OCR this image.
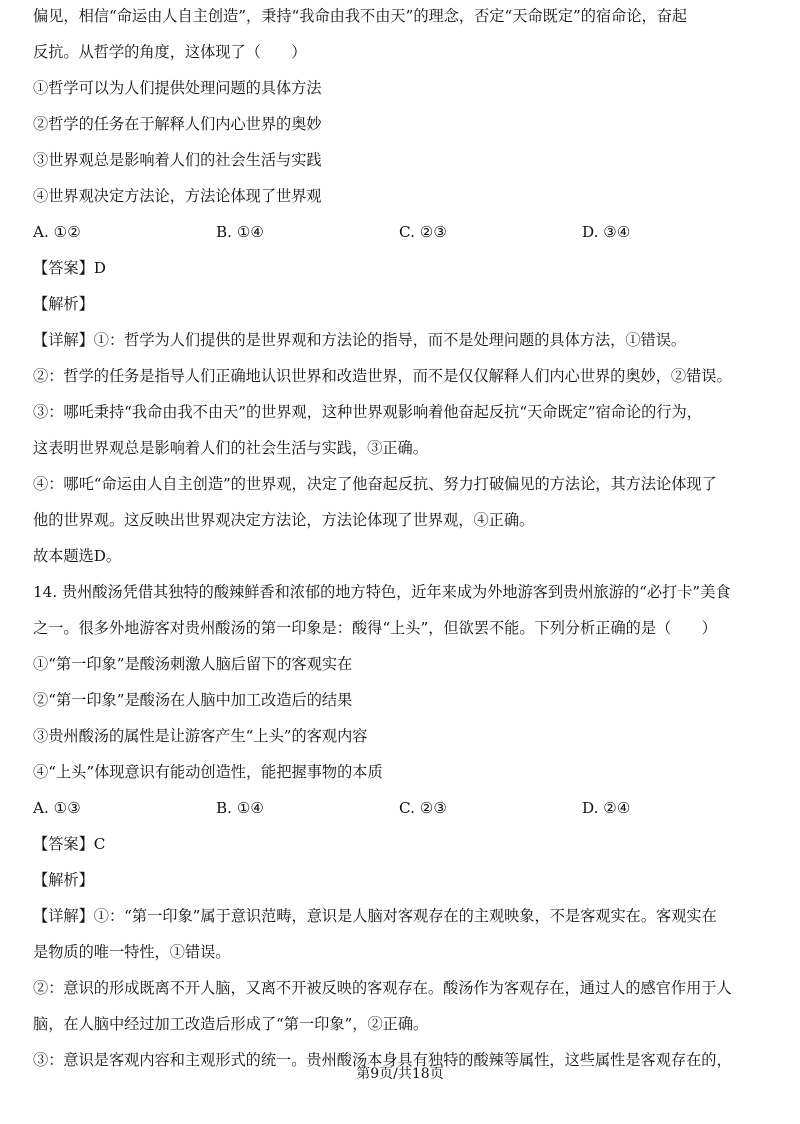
偏见，相信“命运由人自主创造”，秉持“我命由我不由天”的理念，否定“天命既定”的宿命论，奋起

反抗。从哲学的角度，这体现了（　　）

①哲学可以为人们提供处理问题的具体方法

②哲学的任务在于解释人们内心世界的奥妙

③世界观总是影响着人们的社会生活与实践

④世界观决定方法论，方法论体现了世界观

A. ①②	B. ①④	C. ②③	D. ③④

【答案】D

【解析】

【详解】①：哲学为人们提供的是世界观和方法论的指导，而不是处理问题的具体方法，①错误。

②：哲学的任务是指导人们正确地认识世界和改造世界，而不是仅仅解释人们内心世界的奥妙，②错误。

③：哪吒秉持“我命由我不由天”的世界观，这种世界观影响着他奋起反抗“天命既定”宿命论的行为，

这表明世界观总是影响着人们的社会生活与实践，③正确。

④：哪吒“命运由人自主创造”的世界观，决定了他奋起反抗、努力打破偏见的方法论，其方法论体现了

他的世界观。这反映出世界观决定方法论，方法论体现了世界观，④正确。

故本题选D。

14. 贵州酸汤凭借其独特的酸辣鲜香和浓郁的地方特色，近年来成为外地游客到贵州旅游的“必打卡”美食

之一。很多外地游客对贵州酸汤的第一印象是：酸得“上头”，但欲罢不能。下列分析正确的是（　　）

①“第一印象”是酸汤刺激人脑后留下的客观实在

②“第一印象”是酸汤在人脑中加工改造后的结果

③贵州酸汤的属性是让游客产生“上头”的客观内容

④“上头”体现意识有能动创造性，能把握事物的本质

A. ①③	B. ①④	C. ②③	D. ②④

【答案】C

【解析】

【详解】①：“第一印象”属于意识范畴，意识是人脑对客观存在的主观映象，不是客观实在。客观实在

是物质的唯一特性，①错误。

②：意识的形成既离不开人脑，又离不开被反映的客观存在。酸汤作为客观存在，通过人的感官作用于人

脑，在人脑中经过加工改造后形成了“第一印象”，②正确。

③：意识是客观内容和主观形式的统一。贵州酸汤本身具有独特的酸辣等属性，这些属性是客观存在的，

第9页/共18页
